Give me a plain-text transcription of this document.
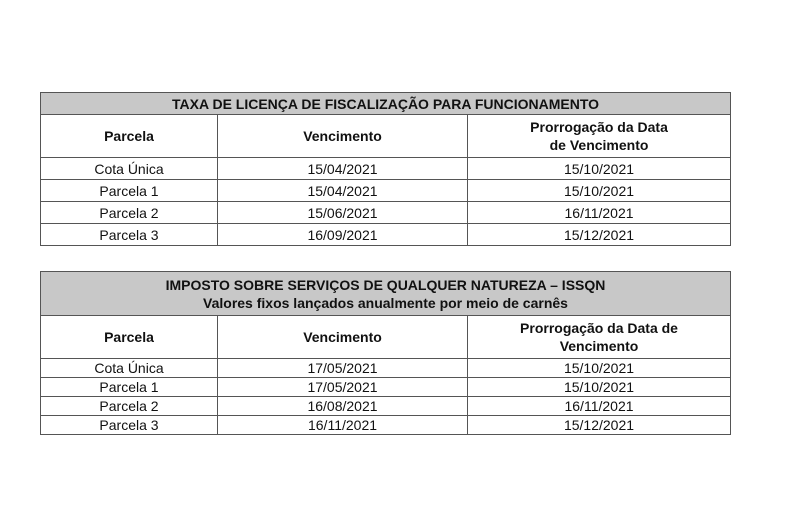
TAXA DE LICENÇA DE FISCALIZAÇÃO PARA FUNCIONAMENTO		
Parcela	Vencimento	Prorrogação da Data
de Vencimento

Cota Única	15/04/2021	15/10/2021
Parcela 1	15/04/2021	15/10/2021
Parcela 2	15/06/2021	16/11/2021
Parcela 3	16/09/2021	15/12/2021
IMPOSTO SOBRE SERVIÇOS DE QUALQUER NATUREZA – ISSQN
Valores fixos lançados anualmente por meio de carnês		

Parcela	Vencimento	Prorrogação da Data de
Vencimento

Cota Única	17/05/2021	15/10/2021
Parcela 1	17/05/2021	15/10/2021
Parcela 2	16/08/2021	16/11/2021
Parcela 3	16/11/2021	15/12/2021
